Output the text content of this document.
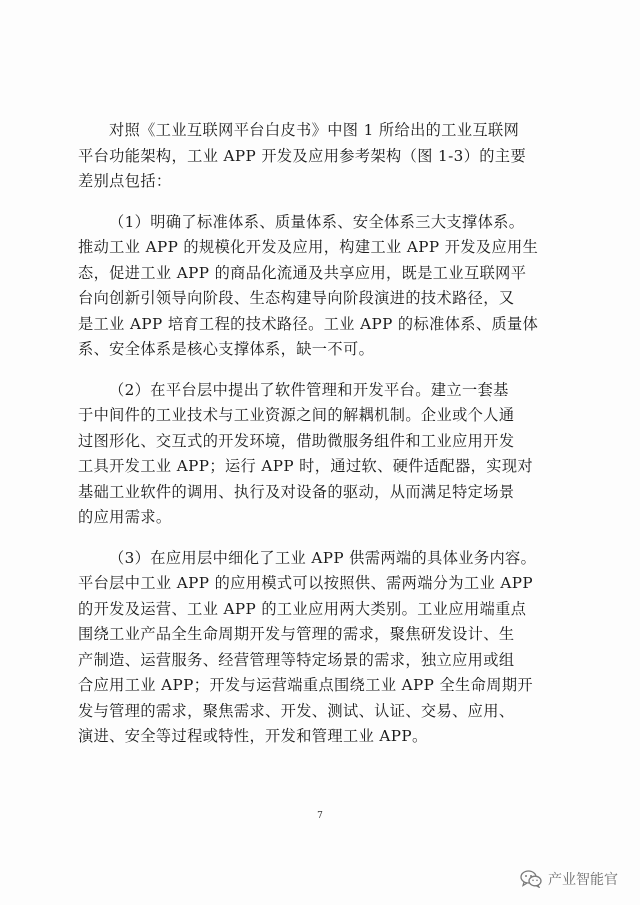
对照《工业互联网平台白皮书》中图 1 所给出的工业互联网
平台功能架构，工业 APP 开发及应用参考架构（图 1-3）的主要
差别点包括：

（1）明确了标准体系、质量体系、安全体系三大支撑体系。
推动工业 APP 的规模化开发及应用，构建工业 APP 开发及应用生
态，促进工业 APP 的商品化流通及共享应用，既是工业互联网平
台向创新引领导向阶段、生态构建导向阶段演进的技术路径，又
是工业 APP 培育工程的技术路径。工业 APP 的标准体系、质量体
系、安全体系是核心支撑体系，缺一不可。

（2）在平台层中提出了软件管理和开发平台。建立一套基
于中间件的工业技术与工业资源之间的解耦机制。企业或个人通
过图形化、交互式的开发环境，借助微服务组件和工业应用开发
工具开发工业 APP；运行 APP 时，通过软、硬件适配器，实现对
基础工业软件的调用、执行及对设备的驱动，从而满足特定场景
的应用需求。

（3）在应用层中细化了工业 APP 供需两端的具体业务内容。
平台层中工业 APP 的应用模式可以按照供、需两端分为工业 APP
的开发及运营、工业 APP 的工业应用两大类别。工业应用端重点
围绕工业产品全生命周期开发与管理的需求，聚焦研发设计、生
产制造、运营服务、经营管理等特定场景的需求，独立应用或组
合应用工业 APP；开发与运营端重点围绕工业 APP 全生命周期开
发与管理的需求，聚焦需求、开发、测试、认证、交易、应用、
演进、安全等过程或特性，开发和管理工业 APP。

7
产业智能官
